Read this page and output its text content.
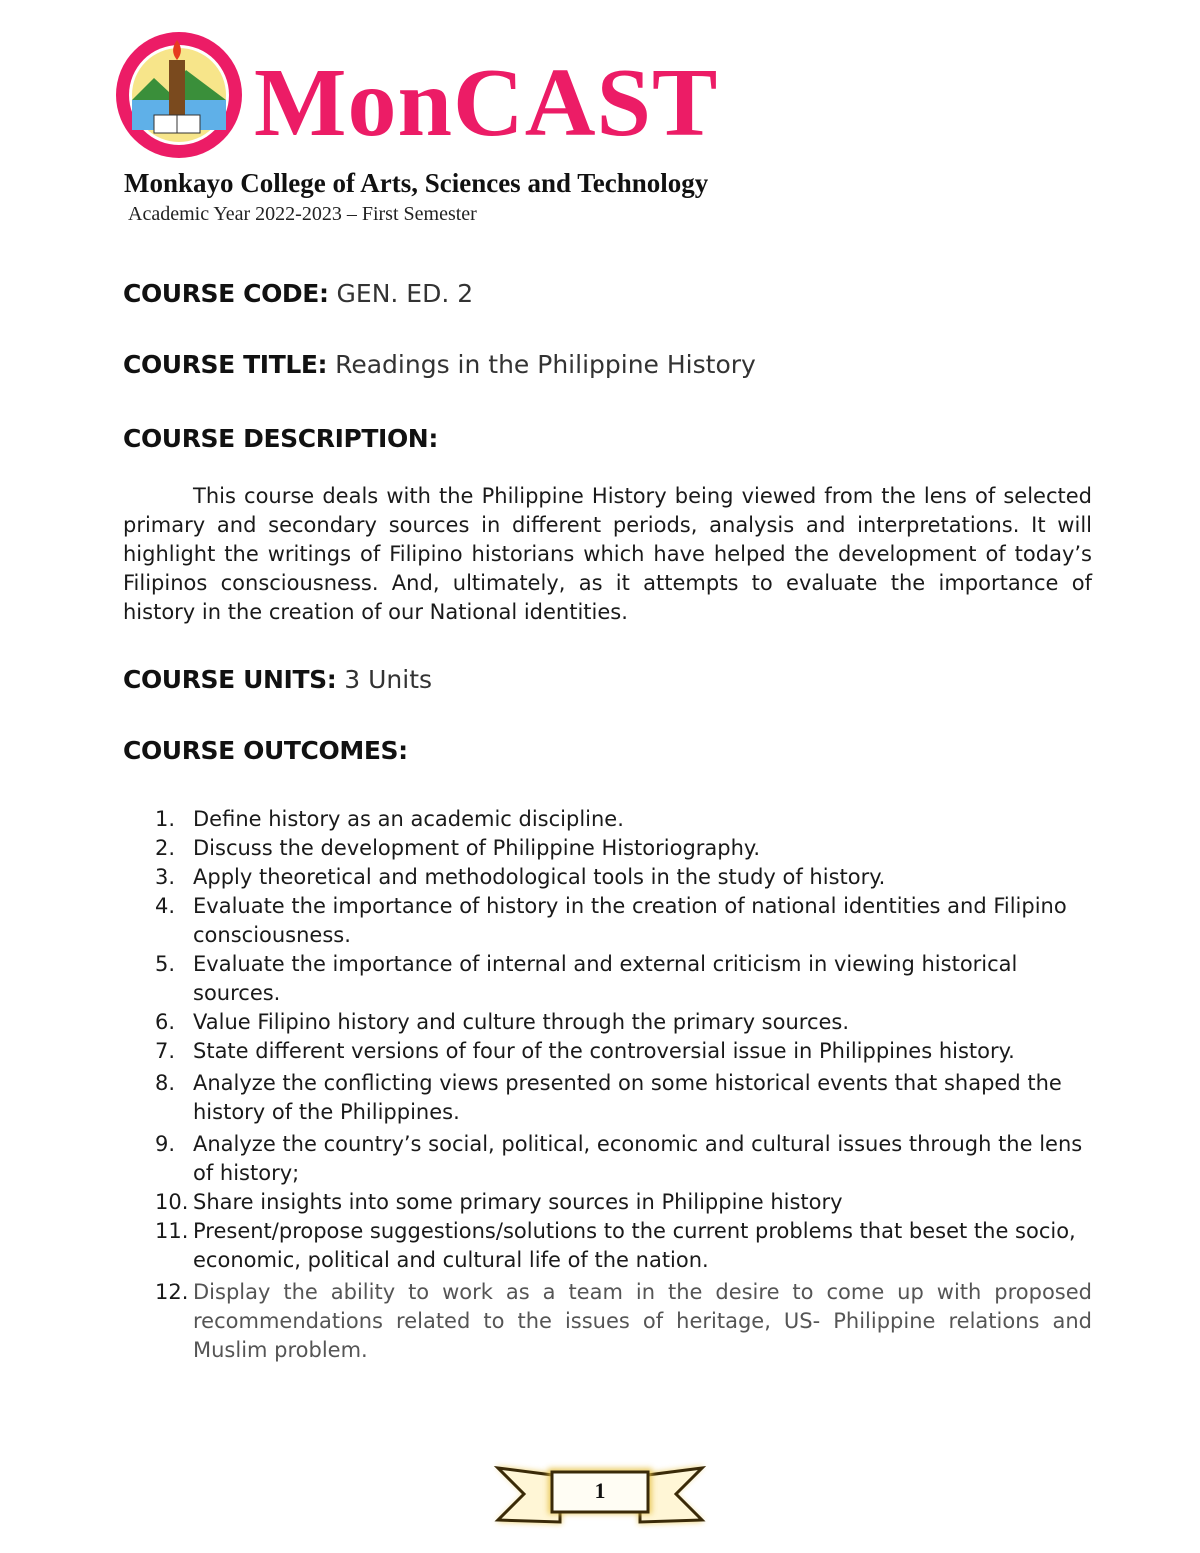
MonCAST

Monkayo College of Arts, Sciences and Technology

Academic Year 2022-2023 – First Semester

COURSE CODE: GEN. ED. 2

COURSE TITLE: Readings in the Philippine History

COURSE DESCRIPTION:

This course deals with the Philippine History being viewed from the lens of selected primary and secondary sources in different periods, analysis and interpretations. It will highlight the writings of Filipino historians which have helped the development of today’s Filipinos consciousness. And, ultimately, as it attempts to evaluate the importance of history in the creation of our National identities.

COURSE UNITS: 3 Units

COURSE OUTCOMES:

1. Define history as an academic discipline.
2. Discuss the development of Philippine Historiography.
3. Apply theoretical and methodological tools in the study of history.
4. Evaluate the importance of history in the creation of national identities and Filipino consciousness.
5. Evaluate the importance of internal and external criticism in viewing historical sources.
6. Value Filipino history and culture through the primary sources.
7. State different versions of four of the controversial issue in Philippines history.
8. Analyze the conflicting views presented on some historical events that shaped the history of the Philippines.
9. Analyze the country’s social, political, economic and cultural issues through the lens of history;
10. Share insights into some primary sources in Philippine history
11. Present/propose suggestions/solutions to the current problems that beset the socio, economic, political and cultural life of the nation.
12. Display the ability to work as a team in the desire to come up with proposed recommendations related to the issues of heritage, US- Philippine relations and Muslim problem.
1
